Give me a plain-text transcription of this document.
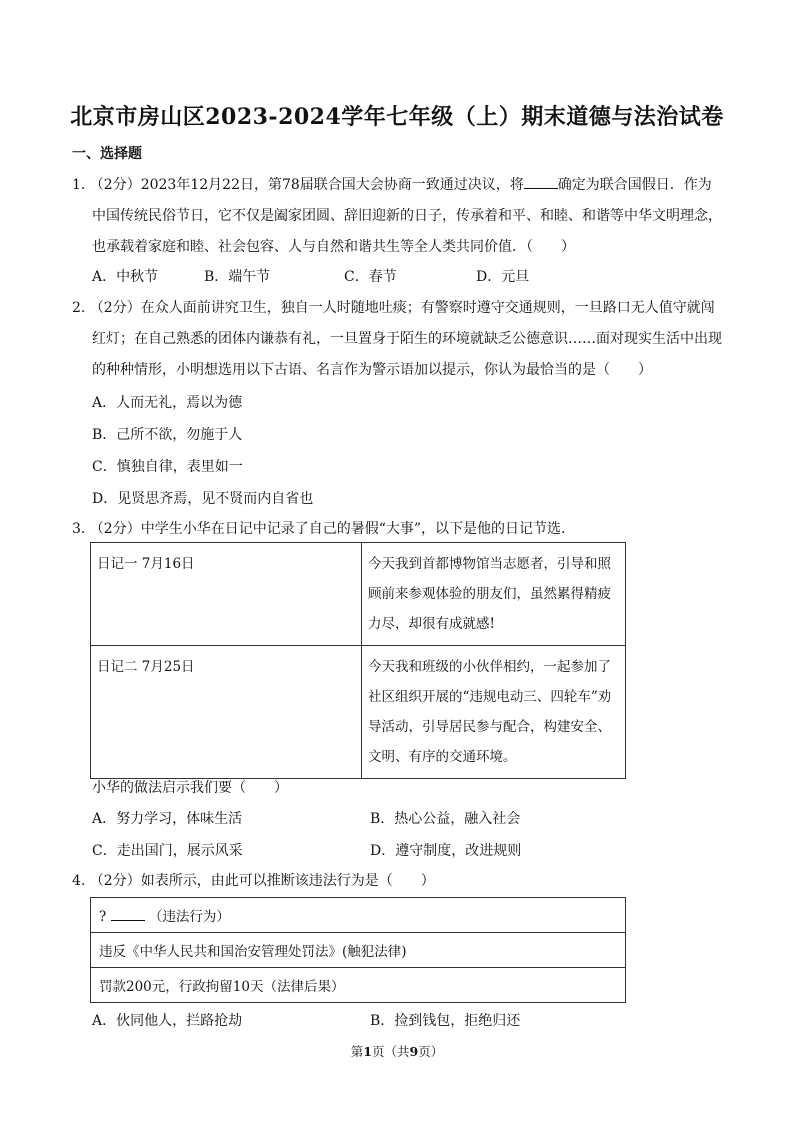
北京市房山区2023-2024学年七年级（上）期末道德与法治试卷
一、选择题

1. （2分）2023年12月22日，第78届联合国大会协商一致通过决议，将 确定为联合国假日．作为中国传统民俗节日，它不仅是阖家团圆、辞旧迎新的日子，传承着和平、和睦、和谐等中华文明理念，也承载着家庭和睦、社会包容、人与自然和谐共生等全人类共同价值．（　　）

A．中秋节	B．端午节	C．春节	D．元旦

2. （2分）在众人面前讲究卫生，独自一人时随地吐痰；有警察时遵守交通规则，一旦路口无人值守就闯红灯；在自己熟悉的团体内谦恭有礼，一旦置身于陌生的环境就缺乏公德意识……面对现实生活中出现的种种情形，小明想选用以下古语、名言作为警示语加以提示，你认为最恰当的是（　　）

A．人而无礼，焉以为德
B．己所不欲，勿施于人
C．慎独自律，表里如一
D．见贤思齐焉，见不贤而内自省也

3. （2分）中学生小华在日记中记录了自己的暑假“大事”，以下是他的日记节选．

日记一 7月16日	今天我到首都博物馆当志愿者，引导和照顾前来参观体验的朋友们，虽然累得精疲力尽，却很有成就感!
日记二 7月25日	今天我和班级的小伙伴相约，一起参加了社区组织开展的“违规电动三、四轮车”劝导活动，引导居民参与配合，构建安全、文明、有序的交通环境。
小华的做法启示我们要（　　）
A．努力学习，体味生活	B．热心公益，融入社会
C．走出国门，展示风采	D．遵守制度，改进规则

4. （2分）如表所示，由此可以推断该违法行为是（　　）

?	（违法行为）
违反《中华人民共和国治安管理处罚法》(触犯法律)
罚款200元，行政拘留10天（法律后果）
A．伙同他人，拦路抢劫	B．捡到钱包，拒绝归还
第1页（共9页）
